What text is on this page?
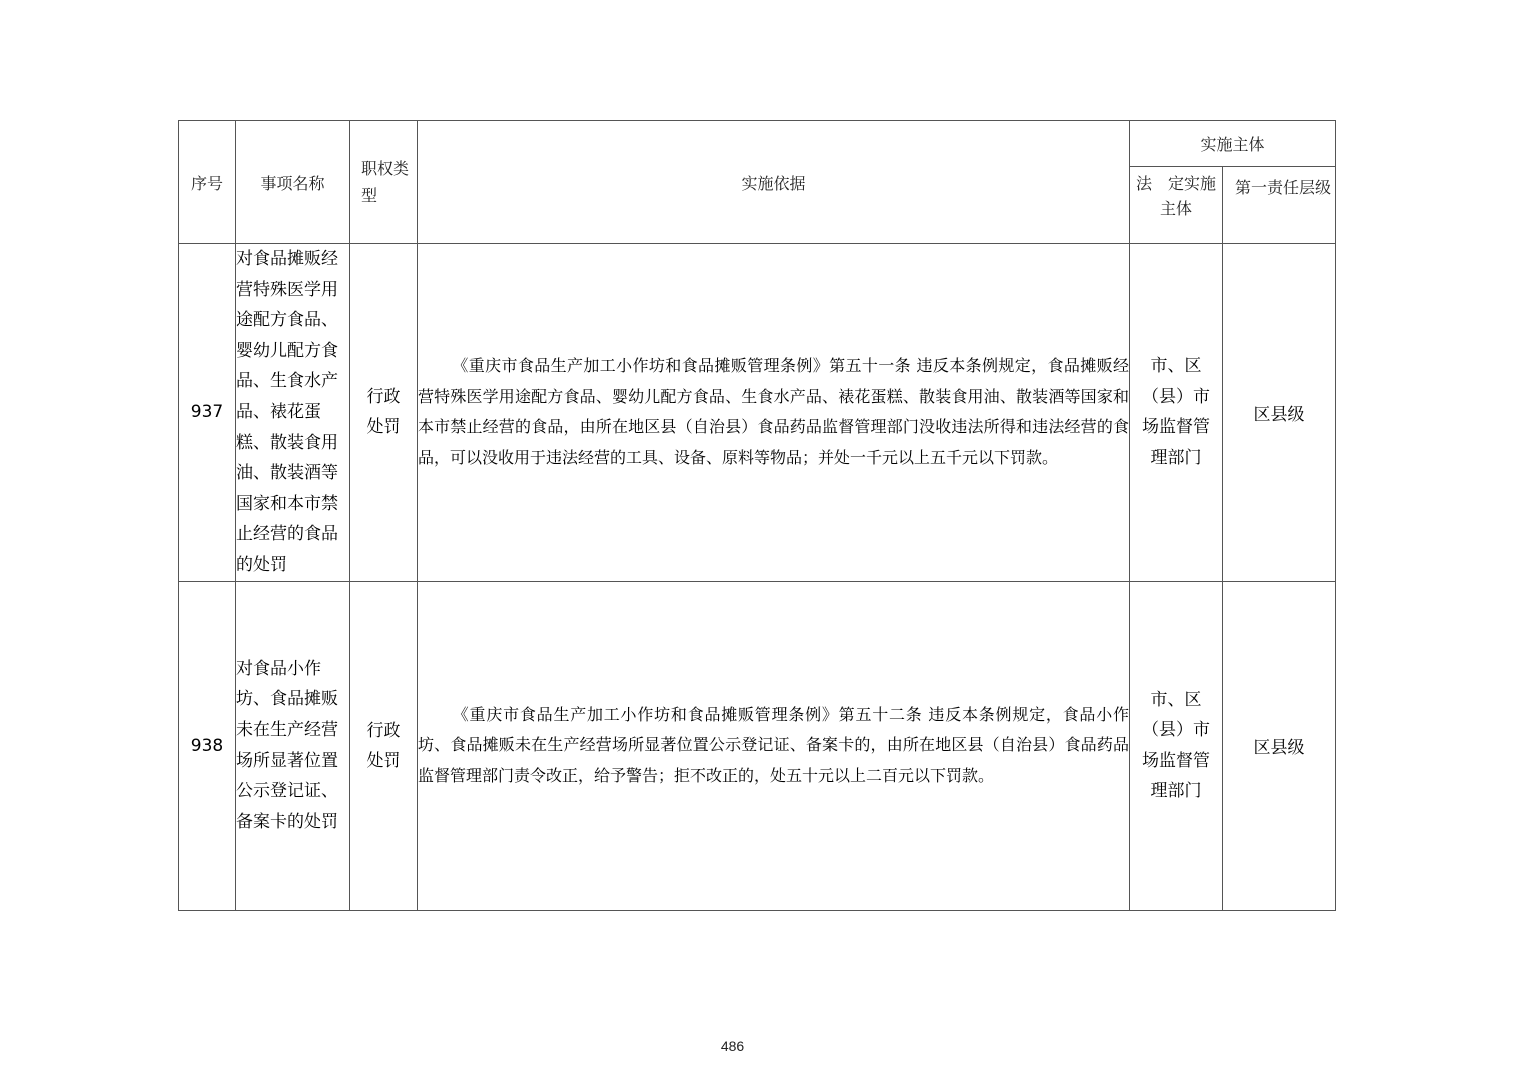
序号	事项名称	职权类型	实施依据	实施主体	
				法　定实施主体	第一责任层级
937	对食品摊贩经营特殊医学用途配方食品、婴幼儿配方食品、生食水产品、裱花蛋糕、散装食用油、散装酒等国家和本市禁止经营的食品的处罚	行政处罚	《重庆市食品生产加工小作坊和食品摊贩管理条例》第五十一条 违反本条例规定，食品摊贩经营特殊医学用途配方食品、婴幼儿配方食品、生食水产品、裱花蛋糕、散装食用油、散装酒等国家和本市禁止经营的食品，由所在地区县（自治县）食品药品监督管理部门没收违法所得和违法经营的食品，可以没收用于违法经营的工具、设备、原料等物品；并处一千元以上五千元以下罚款。	市、区（县）市场监督管理部门	区县级
938	对食品小作坊、食品摊贩未在生产经营场所显著位置公示登记证、备案卡的处罚	行政处罚	《重庆市食品生产加工小作坊和食品摊贩管理条例》第五十二条 违反本条例规定，食品小作坊、食品摊贩未在生产经营场所显著位置公示登记证、备案卡的，由所在地区县（自治县）食品药品监督管理部门责令改正，给予警告；拒不改正的，处五十元以上二百元以下罚款。	市、区（县）市场监督管理部门	区县级
486
